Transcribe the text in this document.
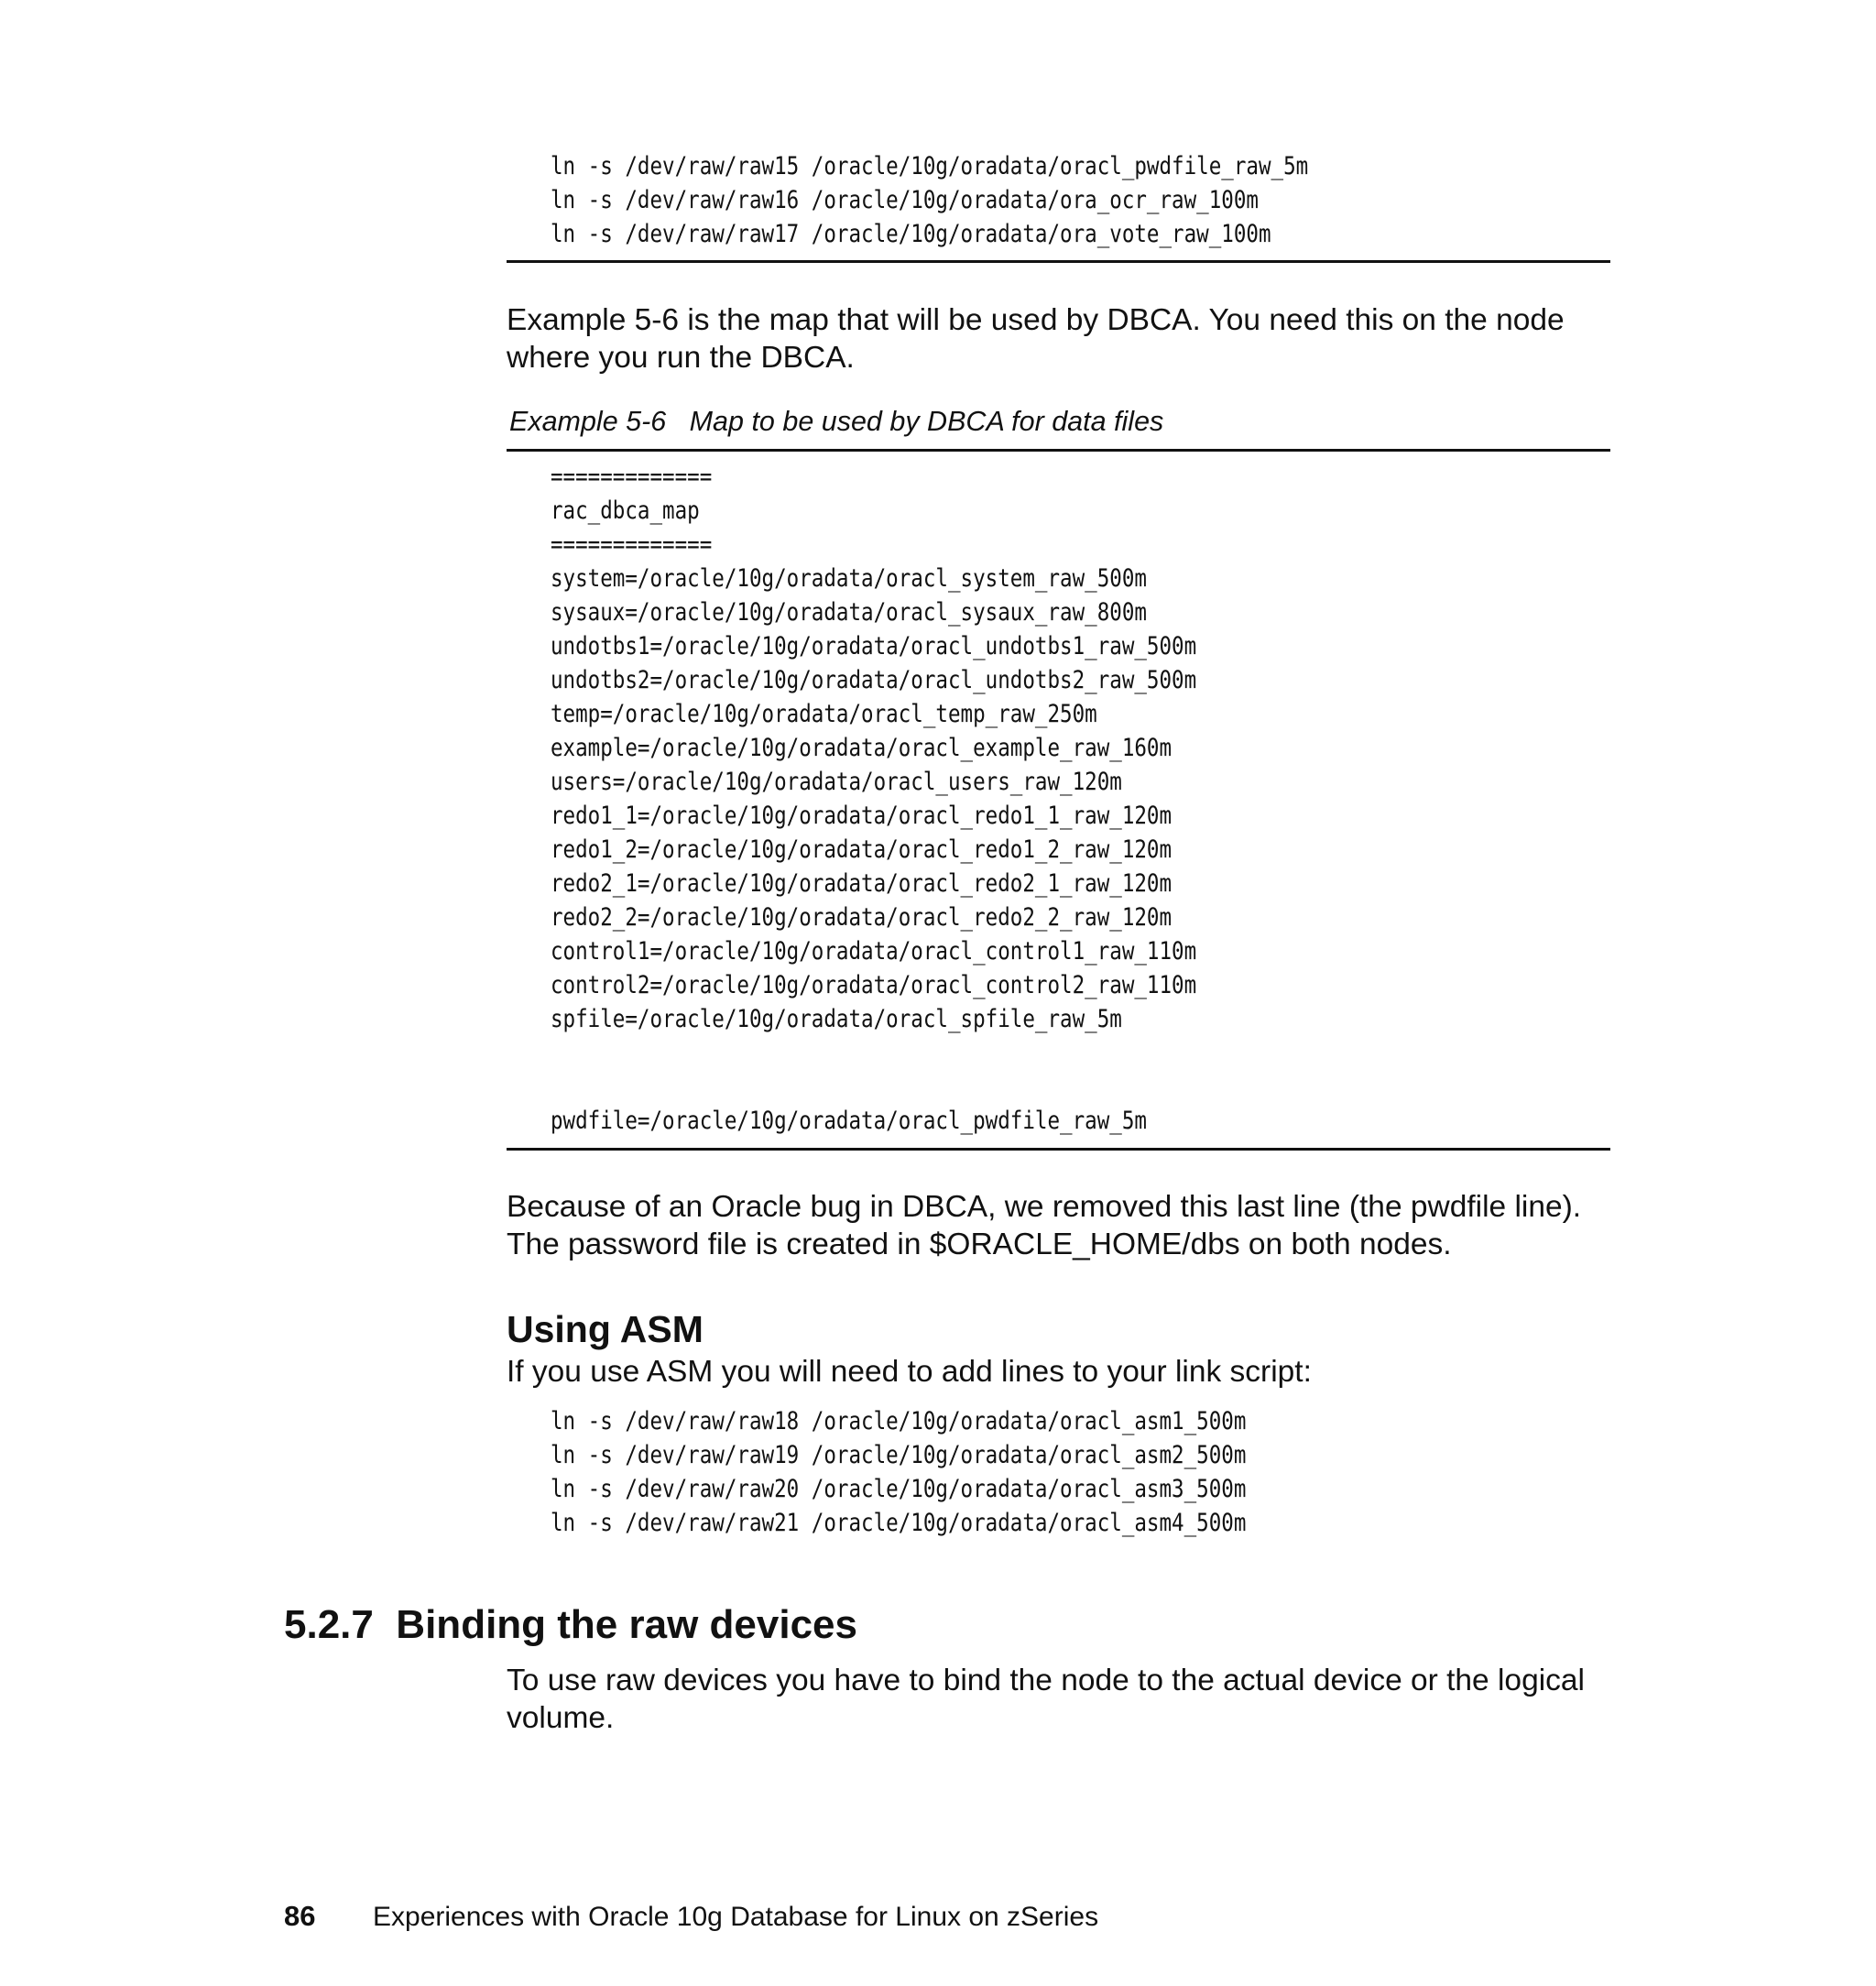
ln -s /dev/raw/raw15 /oracle/10g/oradata/oracl_pwdfile_raw_5m
ln -s /dev/raw/raw16 /oracle/10g/oradata/ora_ocr_raw_100m
ln -s /dev/raw/raw17 /oracle/10g/oradata/ora_vote_raw_100m

Example 5-6 is the map that will be used by DBCA. You need this on the node where you run the DBCA.

Example 5-6   Map to be used by DBCA for data files

=============
rac_dbca_map
=============
system=/oracle/10g/oradata/oracl_system_raw_500m
sysaux=/oracle/10g/oradata/oracl_sysaux_raw_800m
undotbs1=/oracle/10g/oradata/oracl_undotbs1_raw_500m
undotbs2=/oracle/10g/oradata/oracl_undotbs2_raw_500m
temp=/oracle/10g/oradata/oracl_temp_raw_250m
example=/oracle/10g/oradata/oracl_example_raw_160m
users=/oracle/10g/oradata/oracl_users_raw_120m
redo1_1=/oracle/10g/oradata/oracl_redo1_1_raw_120m
redo1_2=/oracle/10g/oradata/oracl_redo1_2_raw_120m
redo2_1=/oracle/10g/oradata/oracl_redo2_1_raw_120m
redo2_2=/oracle/10g/oradata/oracl_redo2_2_raw_120m
control1=/oracle/10g/oradata/oracl_control1_raw_110m
control2=/oracle/10g/oradata/oracl_control2_raw_110m
spfile=/oracle/10g/oradata/oracl_spfile_raw_5m
pwdfile=/oracle/10g/oradata/oracl_pwdfile_raw_5m

Because of an Oracle bug in DBCA, we removed this last line (the pwdfile line). The password file is created in $ORACLE_HOME/dbs on both nodes.

Using ASM

If you use ASM you will need to add lines to your link script:

ln -s /dev/raw/raw18 /oracle/10g/oradata/oracl_asm1_500m
ln -s /dev/raw/raw19 /oracle/10g/oradata/oracl_asm2_500m
ln -s /dev/raw/raw20 /oracle/10g/oradata/oracl_asm3_500m
ln -s /dev/raw/raw21 /oracle/10g/oradata/oracl_asm4_500m
5.2.7  Binding the raw devices

To use raw devices you have to bind the node to the actual device or the logical volume.

86 Experiences with Oracle 10g Database for Linux on zSeries
